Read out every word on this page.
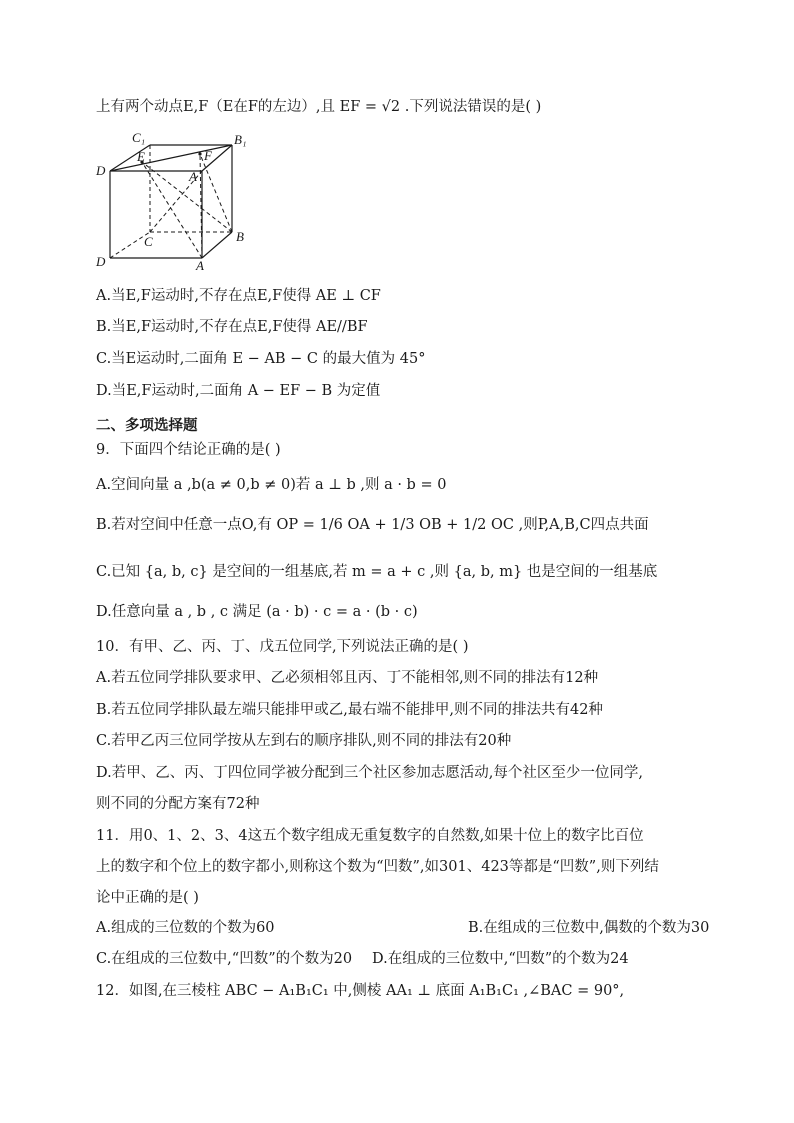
上有两个动点E,F（E在F的左边）,且 EF = √2 .下列说法错误的是( )
C₁	B₁
D
E	F
A
C	B
D	A
A.当E,F运动时,不存在点E,F使得 AE ⊥ CF
B.当E,F运动时,不存在点E,F使得 AE//BF
C.当E运动时,二面角 E − AB − C 的最大值为 45°
D.当E,F运动时,二面角 A − EF − B 为定值
二、多项选择题
9．下面四个结论正确的是( )
A.空间向量 a ,b(a ≠ 0,b ≠ 0)若 a ⊥ b ,则 a · b = 0
B.若对空间中任意一点O,有 OP = 1/6 OA + 1/3 OB + 1/2 OC ,则P,A,B,C四点共面
C.已知 {a, b, c} 是空间的一组基底,若 m = a + c ,则 {a, b, m} 也是空间的一组基底
D.任意向量 a , b , c 满足 (a · b) · c = a · (b · c)
10．有甲、乙、丙、丁、戊五位同学,下列说法正确的是( )
A.若五位同学排队要求甲、乙必须相邻且丙、丁不能相邻,则不同的排法有12种
B.若五位同学排队最左端只能排甲或乙,最右端不能排甲,则不同的排法共有42种
C.若甲乙丙三位同学按从左到右的顺序排队,则不同的排法有20种
D.若甲、乙、丙、丁四位同学被分配到三个社区参加志愿活动,每个社区至少一位同学,
则不同的分配方案有72种
11．用0、1、2、3、4这五个数字组成无重复数字的自然数,如果十位上的数字比百位
上的数字和个位上的数字都小,则称这个数为“凹数”,如301、423等都是“凹数”,则下列结
论中正确的是( )
A.组成的三位数的个数为60	B.在组成的三位数中,偶数的个数为30
C.在组成的三位数中,“凹数”的个数为20 D.在组成的三位数中,“凹数”的个数为24
12．如图,在三棱柱 ABC − A₁B₁C₁ 中,侧棱 AA₁ ⊥ 底面 A₁B₁C₁ ,∠BAC = 90°,
